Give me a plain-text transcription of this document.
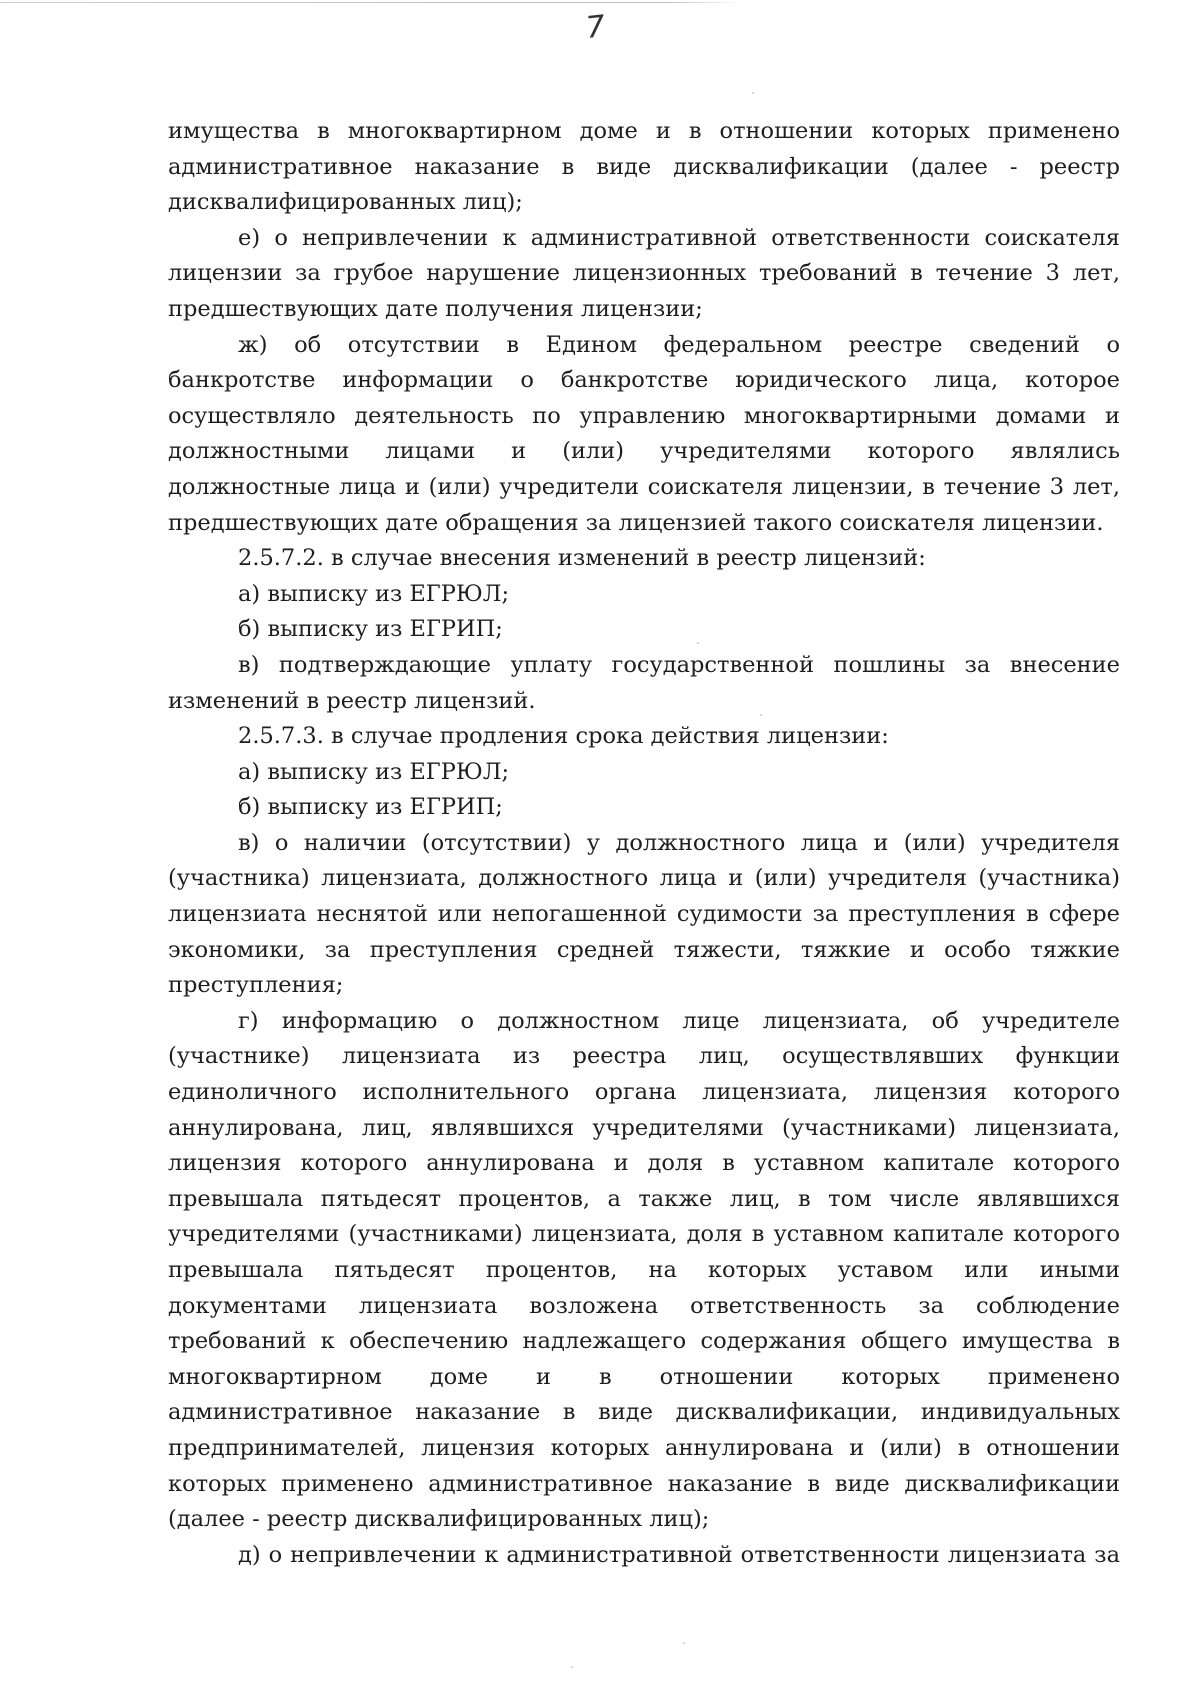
7
имущества в многоквартирном доме и в отношении которых применено
административное наказание в виде дисквалификации (далее - реестр
дисквалифицированных лиц);
е) о непривлечении к административной ответственности соискателя
лицензии за грубое нарушение лицензионных требований в течение 3 лет,
предшествующих дате получения лицензии;
ж) об отсутствии в Едином федеральном реестре сведений о
банкротстве информации о банкротстве юридического лица, которое
осуществляло деятельность по управлению многоквартирными домами и
должностными лицами и (или) учредителями которого являлись
должностные лица и (или) учредители соискателя лицензии, в течение 3 лет,
предшествующих дате обращения за лицензией такого соискателя лицензии.
2.5.7.2. в случае внесения изменений в реестр лицензий:
а) выписку из ЕГРЮЛ;
б) выписку из ЕГРИП;
в) подтверждающие уплату государственной пошлины за внесение
изменений в реестр лицензий.
2.5.7.3. в случае продления срока действия лицензии:
а) выписку из ЕГРЮЛ;
б) выписку из ЕГРИП;
в) о наличии (отсутствии) у должностного лица и (или) учредителя
(участника) лицензиата, должностного лица и (или) учредителя (участника)
лицензиата неснятой или непогашенной судимости за преступления в сфере
экономики, за преступления средней тяжести, тяжкие и особо тяжкие
преступления;
г) информацию о должностном лице лицензиата, об учредителе
(участнике) лицензиата из реестра лиц, осуществлявших функции
единоличного исполнительного органа лицензиата, лицензия которого
аннулирована, лиц, являвшихся учредителями (участниками) лицензиата,
лицензия которого аннулирована и доля в уставном капитале которого
превышала пятьдесят процентов, а также лиц, в том числе являвшихся
учредителями (участниками) лицензиата, доля в уставном капитале которого
превышала пятьдесят процентов, на которых уставом или иными
документами лицензиата возложена ответственность за соблюдение
требований к обеспечению надлежащего содержания общего имущества в
многоквартирном доме и в отношении которых применено
административное наказание в виде дисквалификации, индивидуальных
предпринимателей, лицензия которых аннулирована и (или) в отношении
которых применено административное наказание в виде дисквалификации
(далее - реестр дисквалифицированных лиц);
д) о непривлечении к административной ответственности лицензиата за
